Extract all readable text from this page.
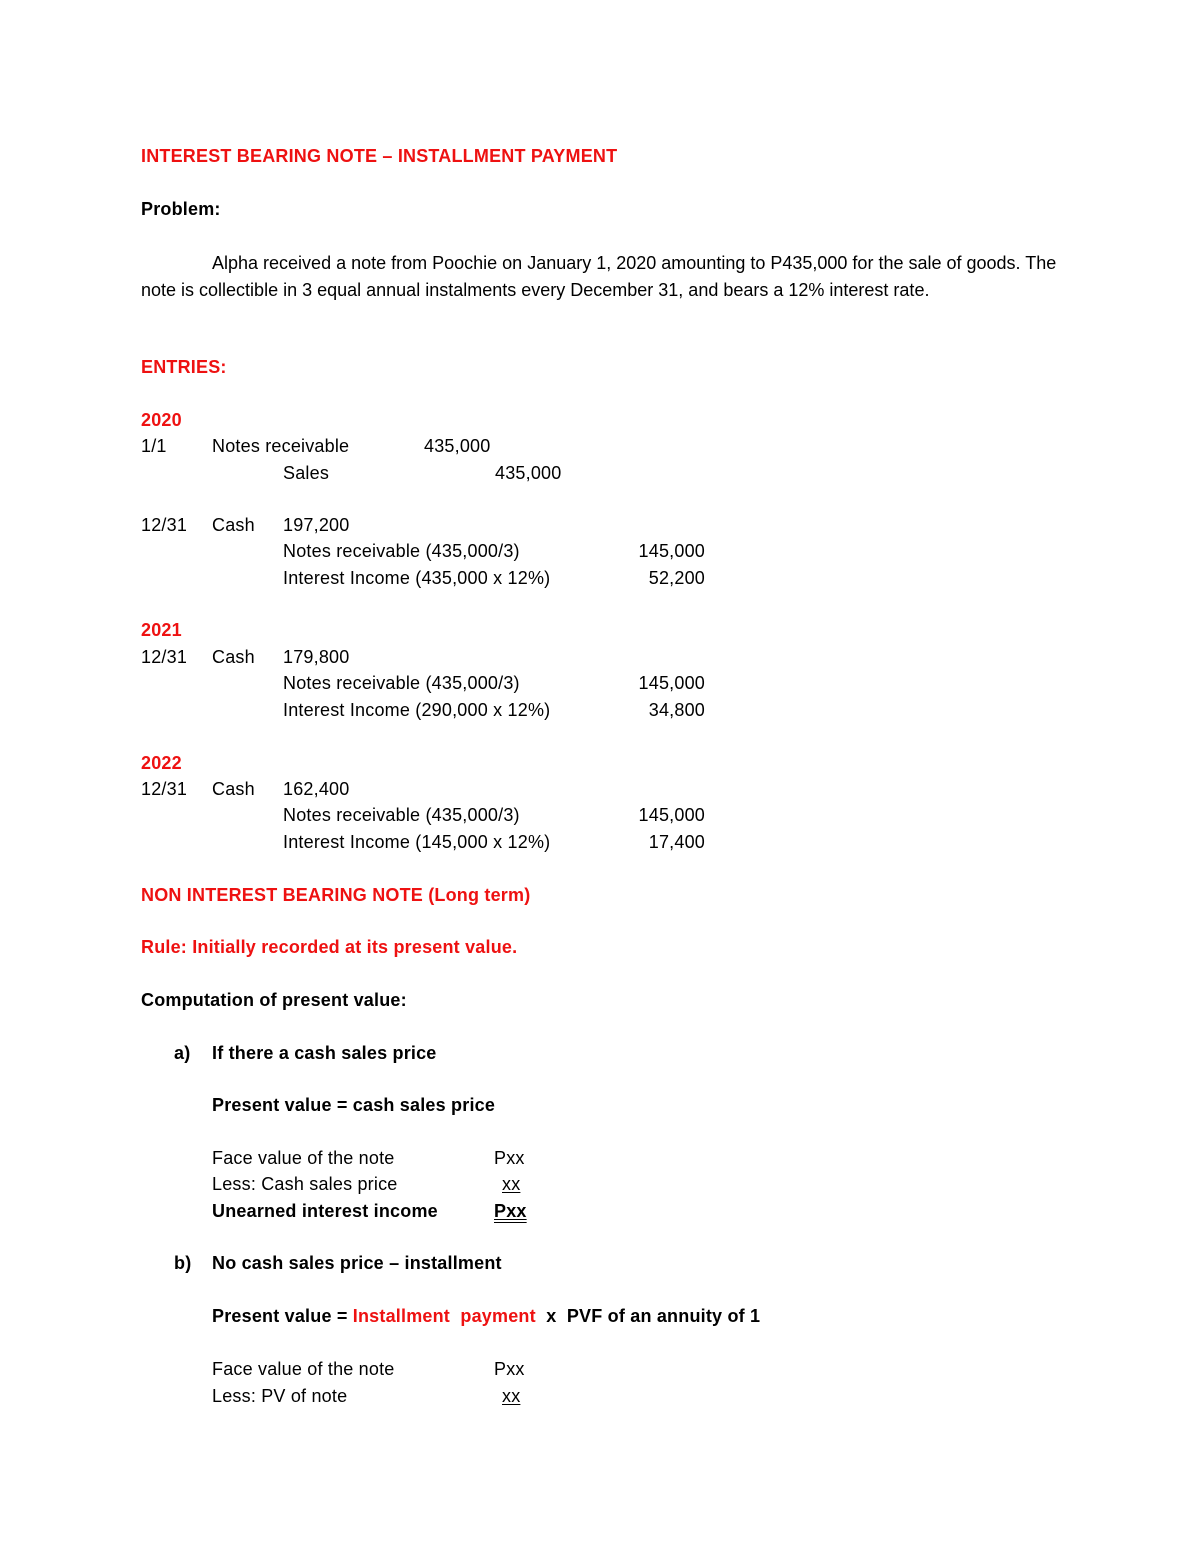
INTEREST BEARING NOTE – INSTALLMENT PAYMENT
Problem:
Alpha received a note from Poochie on January 1, 2020 amounting to P435,000 for the sale of goods. The note is collectible in 3 equal annual instalments every December 31, and bears a 12% interest rate.
ENTRIES:
2020
1/1	Notes receivable	435,000
Sales	435,000
12/31 Cash 197,200
Notes receivable (435,000/3)	145,000
Interest Income (435,000 x 12%)	52,200
2021
12/31 Cash 179,800
Notes receivable (435,000/3)	145,000
Interest Income (290,000 x 12%)	34,800
2022
12/31 Cash 162,400
Notes receivable (435,000/3)	145,000
Interest Income (145,000 x 12%)	17,400
NON INTEREST BEARING NOTE (Long term)
Rule: Initially recorded at its present value.
Computation of present value:
a) If there a cash sales price
Present value = cash sales price
Face value of the note	Pxx
Less: Cash sales price	xx
Unearned interest income	Pxx
b) No cash sales price – installment
Present value = Installment  payment  x  PVF of an annuity of 1
Face value of the note	Pxx
Less: PV of note	xx
